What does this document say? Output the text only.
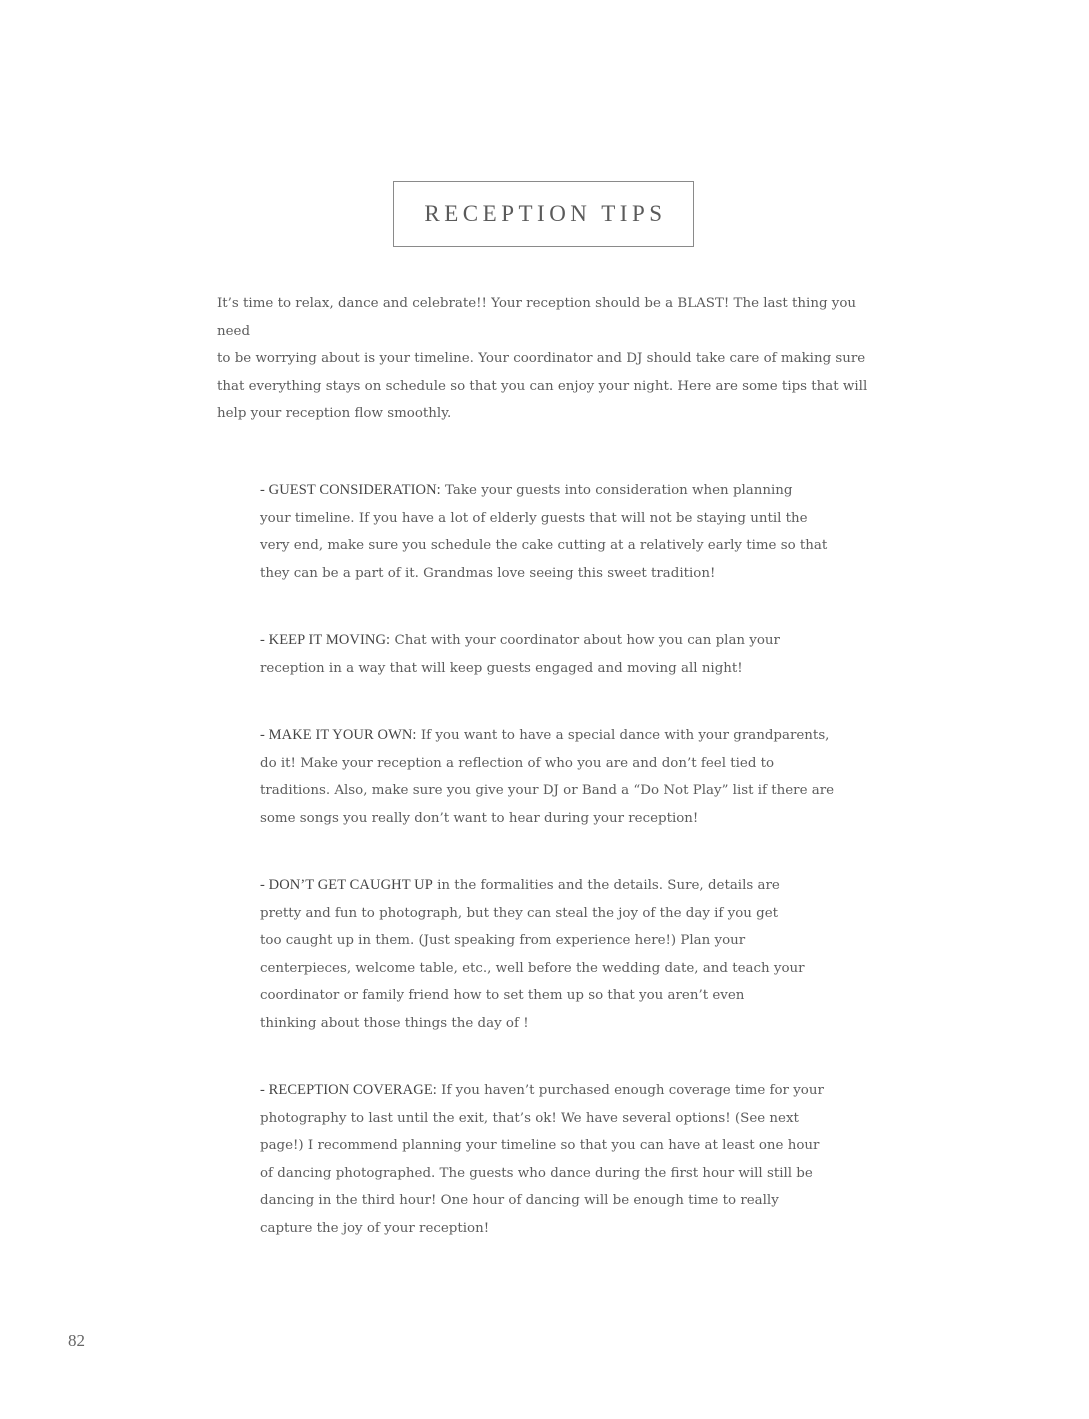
RECEPTION TIPS

It’s time to relax, dance and celebrate!! Your reception should be a BLAST! The last thing you need
to be worrying about is your timeline. Your coordinator and DJ should take care of making sure
that everything stays on schedule so that you can enjoy your night. Here are some tips that will
help your reception flow smoothly.

- GUEST CONSIDERATION: Take your guests into consideration when planning
your timeline. If you have a lot of elderly guests that will not be staying until the
very end, make sure you schedule the cake cutting at a relatively early time so that
they can be a part of it. Grandmas love seeing this sweet tradition!
- KEEP IT MOVING: Chat with your coordinator about how you can plan your
reception in a way that will keep guests engaged and moving all night!
- MAKE IT YOUR OWN: If you want to have a special dance with your grandparents,
do it! Make your reception a reflection of who you are and don’t feel tied to
traditions. Also, make sure you give your DJ or Band a “Do Not Play” list if there are
some songs you really don’t want to hear during your reception!
- DON’T GET CAUGHT UP in the formalities and the details. Sure, details are
pretty and fun to photograph, but they can steal the joy of the day if you get
too caught up in them. (Just speaking from experience here!) Plan your
centerpieces, welcome table, etc., well before the wedding date, and teach your
coordinator or family friend how to set them up so that you aren’t even
thinking about those things the day of !
- RECEPTION COVERAGE: If you haven’t purchased enough coverage time for your
photography to last until the exit, that’s ok! We have several options! (See next
page!) I recommend planning your timeline so that you can have at least one hour
of dancing photographed. The guests who dance during the first hour will still be
dancing in the third hour! One hour of dancing will be enough time to really
capture the joy of your reception!
82
